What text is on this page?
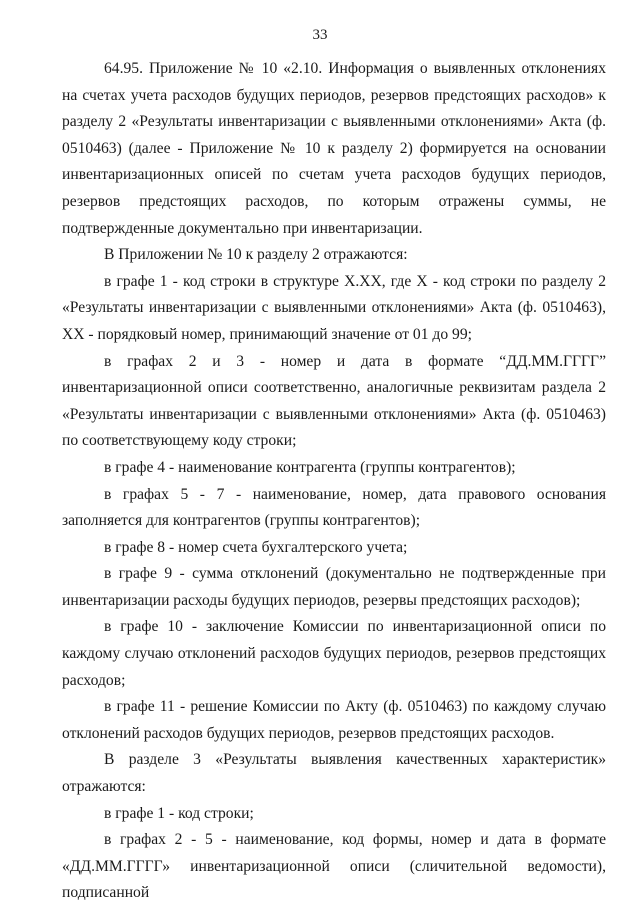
33

64.95. Приложение № 10 «2.10. Информация о выявленных отклонениях на счетах учета расходов будущих периодов, резервов предстоящих расходов» к разделу 2 «Результаты инвентаризации с выявленными отклонениями» Акта (ф. 0510463) (далее - Приложение № 10 к разделу 2) формируется на основании инвентаризационных описей по счетам учета расходов будущих периодов, резервов предстоящих расходов, по которым отражены суммы, не подтвержденные документально при инвентаризации.

В Приложении № 10 к разделу 2 отражаются:

в графе 1 - код строки в структуре X.XX, где X - код строки по разделу 2 «Результаты инвентаризации с выявленными отклонениями» Акта (ф. 0510463), XX - порядковый номер, принимающий значение от 01 до 99;

в графах 2 и 3 - номер и дата в формате “ДД.ММ.ГГГГ” инвентаризационной описи соответственно, аналогичные реквизитам раздела 2 «Результаты инвентаризации с выявленными отклонениями» Акта (ф. 0510463) по соответствующему коду строки;

в графе 4 - наименование контрагента (группы контрагентов);

в графах 5 - 7 - наименование, номер, дата правового основания заполняется для контрагентов (группы контрагентов);

в графе 8 - номер счета бухгалтерского учета;

в графе 9 - сумма отклонений (документально не подтвержденные при инвентаризации расходы будущих периодов, резервы предстоящих расходов);

в графе 10 - заключение Комиссии по инвентаризационной описи по каждому случаю отклонений расходов будущих периодов, резервов предстоящих расходов;

в графе 11 - решение Комиссии по Акту (ф. 0510463) по каждому случаю отклонений расходов будущих периодов, резервов предстоящих расходов.

В разделе 3 «Результаты выявления качественных характеристик» отражаются:

в графе 1 - код строки;

в графах 2 - 5 - наименование, код формы, номер и дата в формате «ДД.ММ.ГГГГ» инвентаризационной описи (сличительной ведомости), подписанной
